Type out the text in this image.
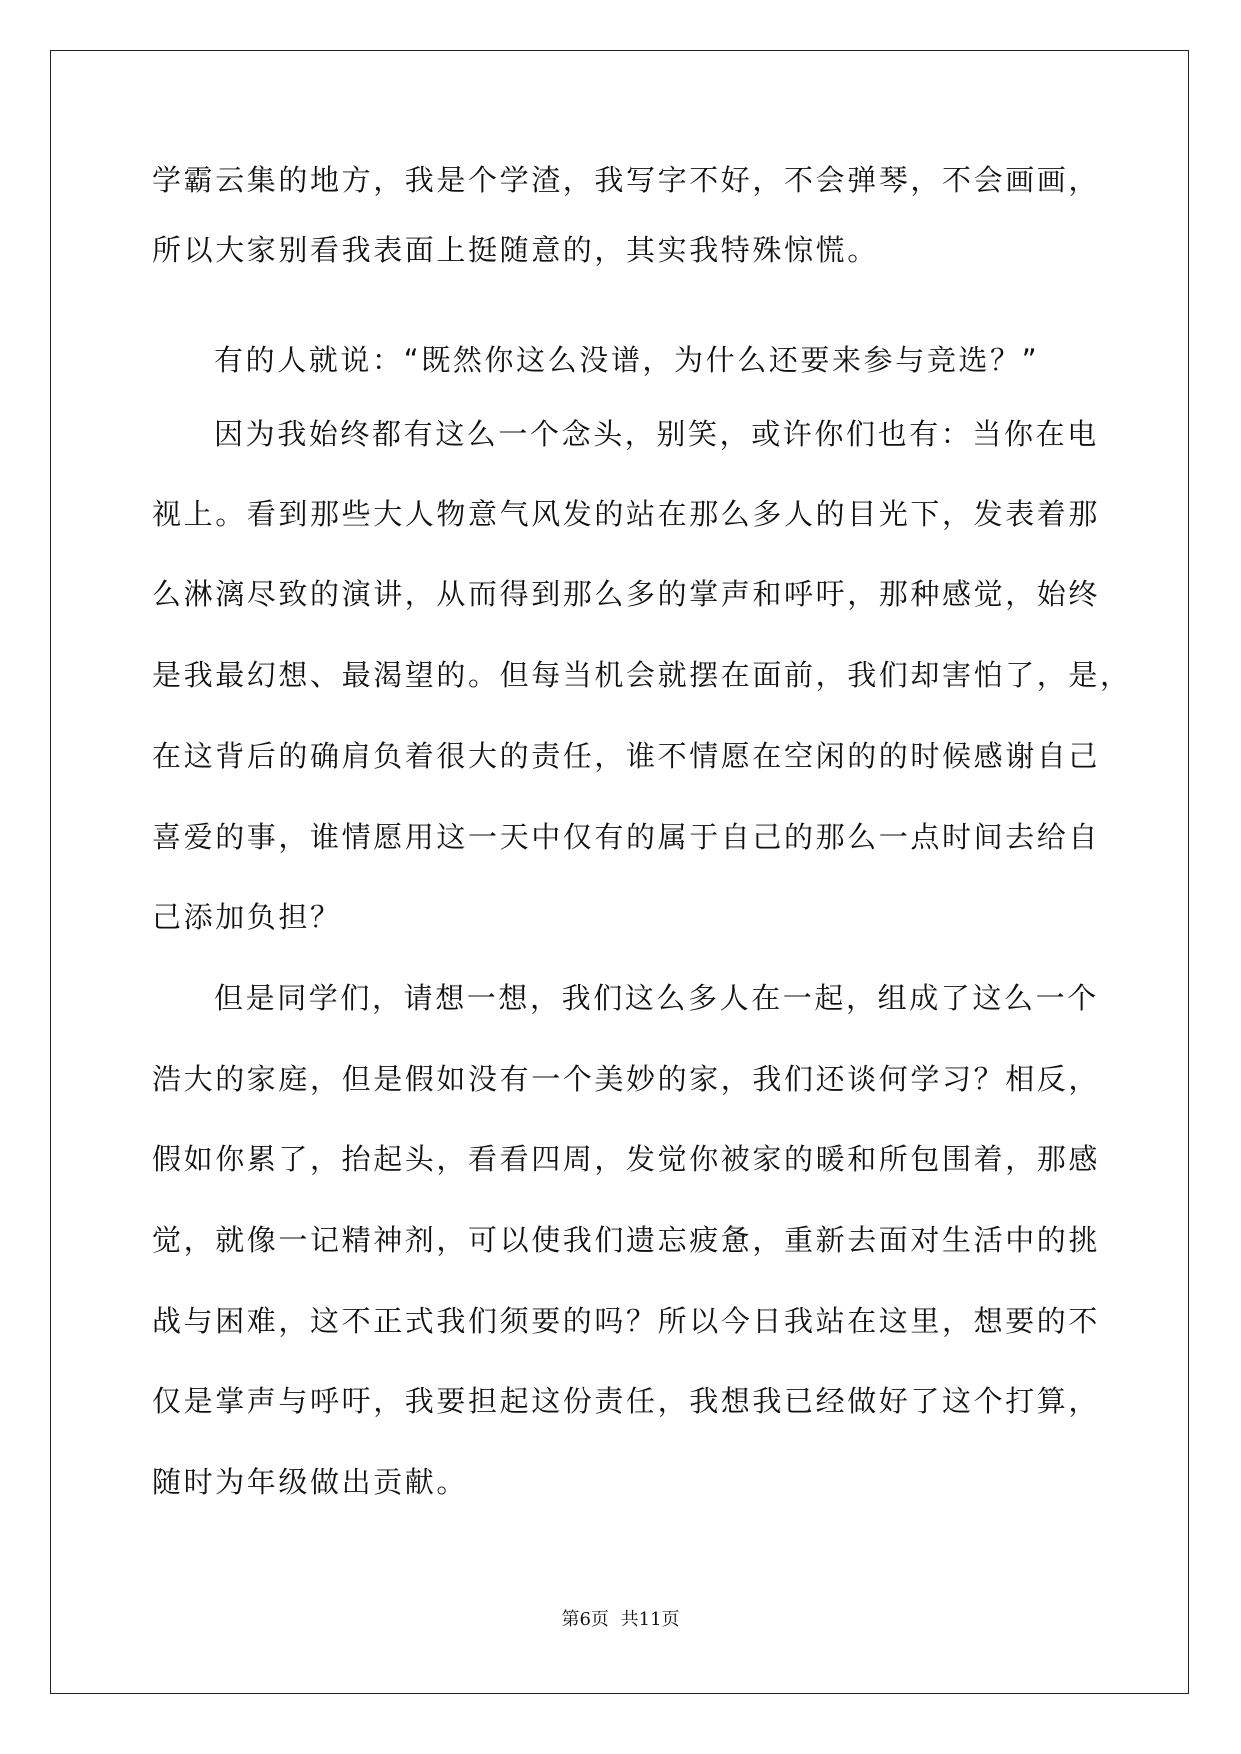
学霸云集的地方，我是个学渣，我写字不好，不会弹琴，不会画画，

所以大家别看我表面上挺随意的，其实我特殊惊慌。

有的人就说：“既然你这么没谱，为什么还要来参与竞选？”

因为我始终都有这么一个念头，别笑，或许你们也有：当你在电

视上。看到那些大人物意气风发的站在那么多人的目光下，发表着那

么淋漓尽致的演讲，从而得到那么多的掌声和呼吁，那种感觉，始终

是我最幻想、最渴望的。但每当机会就摆在面前，我们却害怕了，是，

在这背后的确肩负着很大的责任，谁不情愿在空闲的的时候感谢自己

喜爱的事，谁情愿用这一天中仅有的属于自己的那么一点时间去给自

己添加负担？

但是同学们，请想一想，我们这么多人在一起，组成了这么一个

浩大的家庭，但是假如没有一个美妙的家，我们还谈何学习？相反，

假如你累了，抬起头，看看四周，发觉你被家的暖和所包围着，那感

觉，就像一记精神剂，可以使我们遗忘疲惫，重新去面对生活中的挑

战与困难，这不正式我们须要的吗？所以今日我站在这里，想要的不

仅是掌声与呼吁，我要担起这份责任，我想我已经做好了这个打算，

随时为年级做出贡献。

第6页 共11页
